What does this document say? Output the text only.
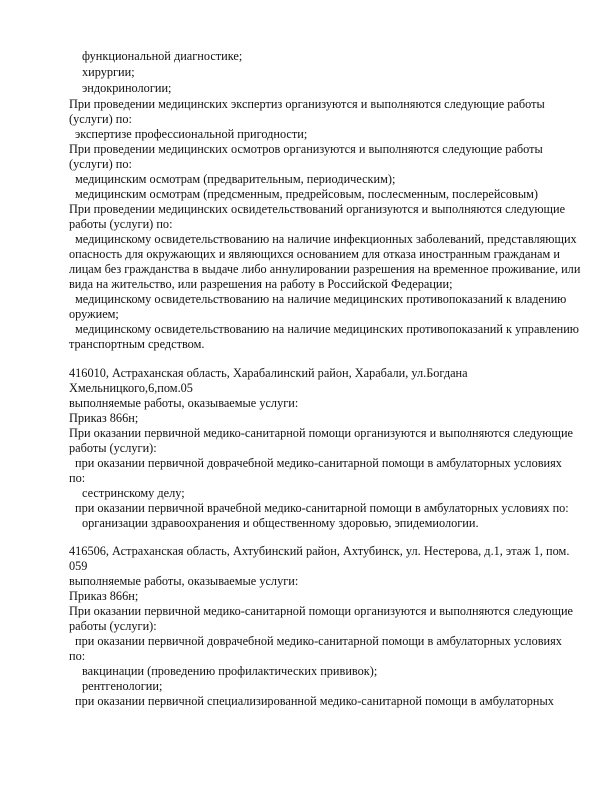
функциональной диагностике;
хирургии;
эндокринологии;
При проведении медицинских экспертиз организуются и выполняются следующие работы
(услуги) по:
экспертизе профессиональной пригодности;
При проведении медицинских осмотров организуются и выполняются следующие работы
(услуги) по:
медицинским осмотрам (предварительным, периодическим);
медицинским осмотрам (предсменным, предрейсовым, послесменным, послерейсовым)
При проведении медицинских освидетельствований организуются и выполняются следующие
работы (услуги) по:
медицинскому освидетельствованию на наличие инфекционных заболеваний, представляющих
опасность для окружающих и являющихся основанием для отказа иностранным гражданам и
лицам без гражданства в выдаче либо аннулировании разрешения на временное проживание, или
вида на жительство, или разрешения на работу в Российской Федерации;
медицинскому освидетельствованию на наличие медицинских противопоказаний к владению
оружием;
медицинскому освидетельствованию на наличие медицинских противопоказаний к управлению
транспортным средством.
416010, Астраханская область, Харабалинский район, Харабали, ул.Богдана
Хмельницкого,6,пом.05
выполняемые работы, оказываемые услуги:
Приказ 866н;
При оказании первичной медико-санитарной помощи организуются и выполняются следующие
работы (услуги):
при оказании первичной доврачебной медико-санитарной помощи в амбулаторных условиях
по:
сестринскому делу;
при оказании первичной врачебной медико-санитарной помощи в амбулаторных условиях по:
организации здравоохранения и общественному здоровью, эпидемиологии.
416506, Астраханская область, Ахтубинский район, Ахтубинск, ул. Нестерова, д.1, этаж 1, пом.
059
выполняемые работы, оказываемые услуги:
Приказ 866н;
При оказании первичной медико-санитарной помощи организуются и выполняются следующие
работы (услуги):
при оказании первичной доврачебной медико-санитарной помощи в амбулаторных условиях
по:
вакцинации (проведению профилактических прививок);
рентгенологии;
при оказании первичной специализированной медико-санитарной помощи в амбулаторных
